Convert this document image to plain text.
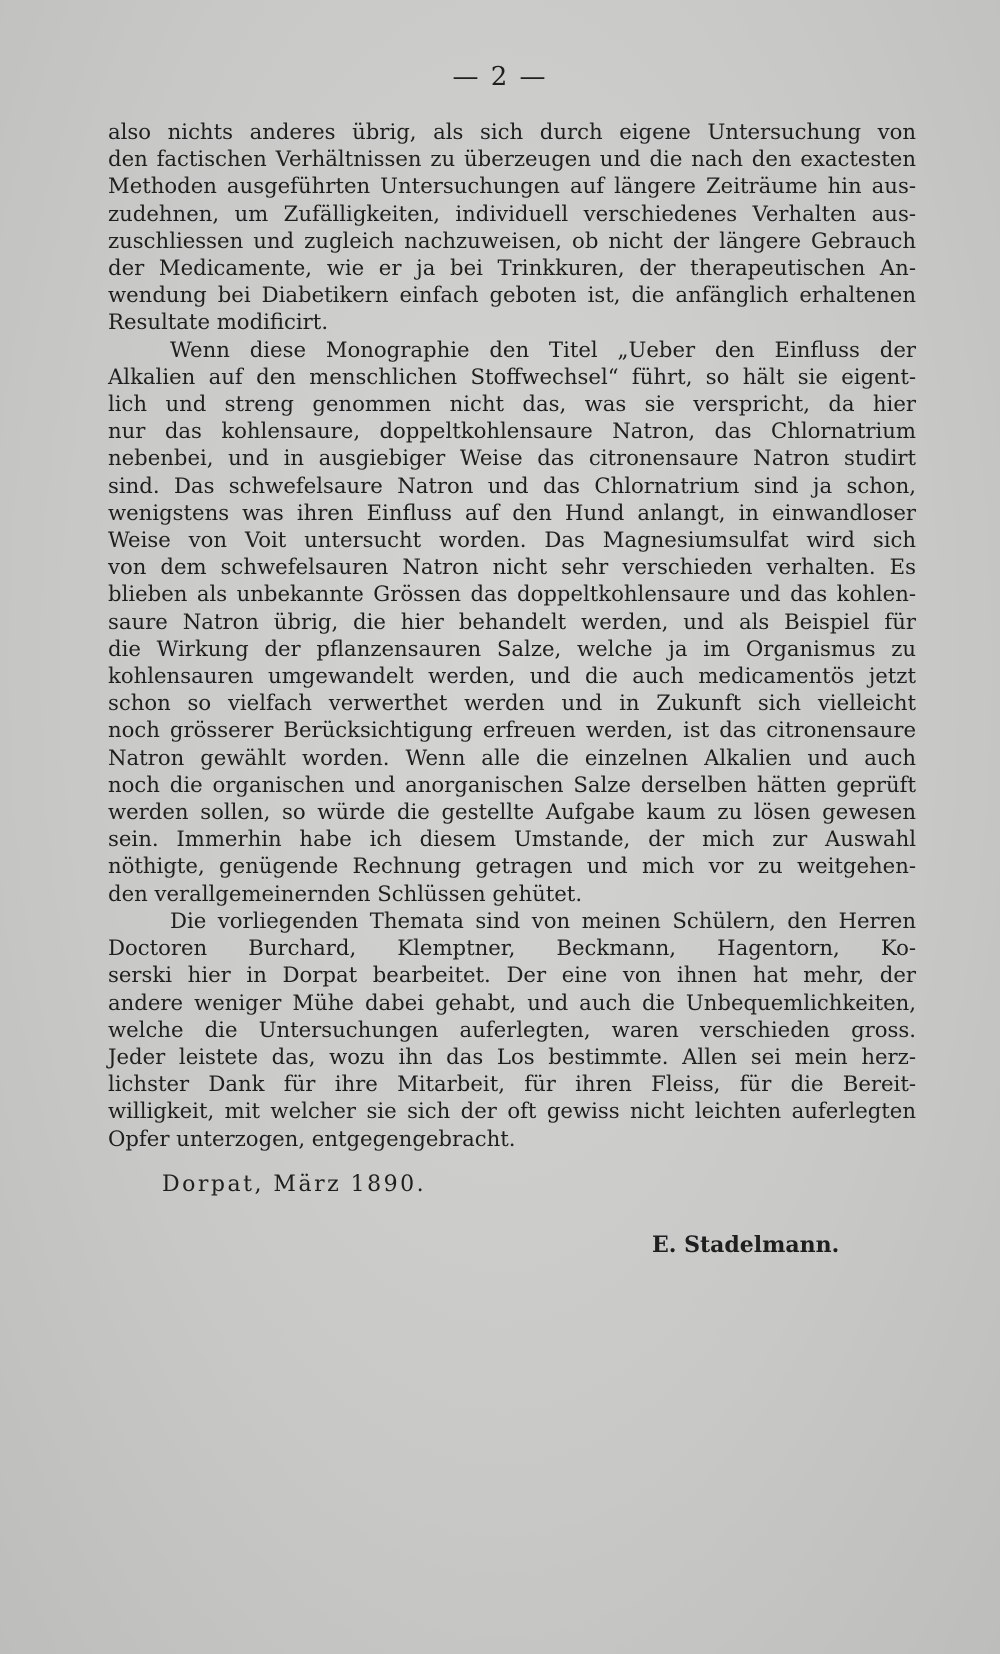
— 2 —
also nichts anderes übrig, als sich durch eigene Untersuchung von
den factischen Verhältnissen zu überzeugen und die nach den exactesten
Methoden ausgeführten Untersuchungen auf längere Zeiträume hin aus-
zudehnen, um Zufälligkeiten, individuell verschiedenes Verhalten aus-
zuschliessen und zugleich nachzuweisen, ob nicht der längere Gebrauch
der Medicamente, wie er ja bei Trinkkuren, der therapeutischen An-
wendung bei Diabetikern einfach geboten ist, die anfänglich erhaltenen
Resultate modificirt.
Wenn diese Monographie den Titel „Ueber den Einfluss der
Alkalien auf den menschlichen Stoffwechsel“ führt, so hält sie eigent-
lich und streng genommen nicht das, was sie verspricht, da hier
nur das kohlensaure, doppeltkohlensaure Natron, das Chlornatrium
nebenbei, und in ausgiebiger Weise das citronensaure Natron studirt
sind. Das schwefelsaure Natron und das Chlornatrium sind ja schon,
wenigstens was ihren Einfluss auf den Hund anlangt, in einwandloser
Weise von Voit untersucht worden. Das Magnesiumsulfat wird sich
von dem schwefelsauren Natron nicht sehr verschieden verhalten. Es
blieben als unbekannte Grössen das doppeltkohlensaure und das kohlen-
saure Natron übrig, die hier behandelt werden, und als Beispiel für
die Wirkung der pflanzensauren Salze, welche ja im Organismus zu
kohlensauren umgewandelt werden, und die auch medicamentös jetzt
schon so vielfach verwerthet werden und in Zukunft sich vielleicht
noch grösserer Berücksichtigung erfreuen werden, ist das citronensaure
Natron gewählt worden. Wenn alle die einzelnen Alkalien und auch
noch die organischen und anorganischen Salze derselben hätten geprüft
werden sollen, so würde die gestellte Aufgabe kaum zu lösen gewesen
sein. Immerhin habe ich diesem Umstande, der mich zur Auswahl
nöthigte, genügende Rechnung getragen und mich vor zu weitgehen-
den verallgemeinernden Schlüssen gehütet.
Die vorliegenden Themata sind von meinen Schülern, den Herren
Doctoren Burchard, Klemptner, Beckmann, Hagentorn, Ko-
serski hier in Dorpat bearbeitet. Der eine von ihnen hat mehr, der
andere weniger Mühe dabei gehabt, und auch die Unbequemlichkeiten,
welche die Untersuchungen auferlegten, waren verschieden gross.
Jeder leistete das, wozu ihn das Los bestimmte. Allen sei mein herz-
lichster Dank für ihre Mitarbeit, für ihren Fleiss, für die Bereit-
willigkeit, mit welcher sie sich der oft gewiss nicht leichten auferlegten
Opfer unterzogen, entgegengebracht.
Dorpat, März 1890.
E. Stadelmann.
